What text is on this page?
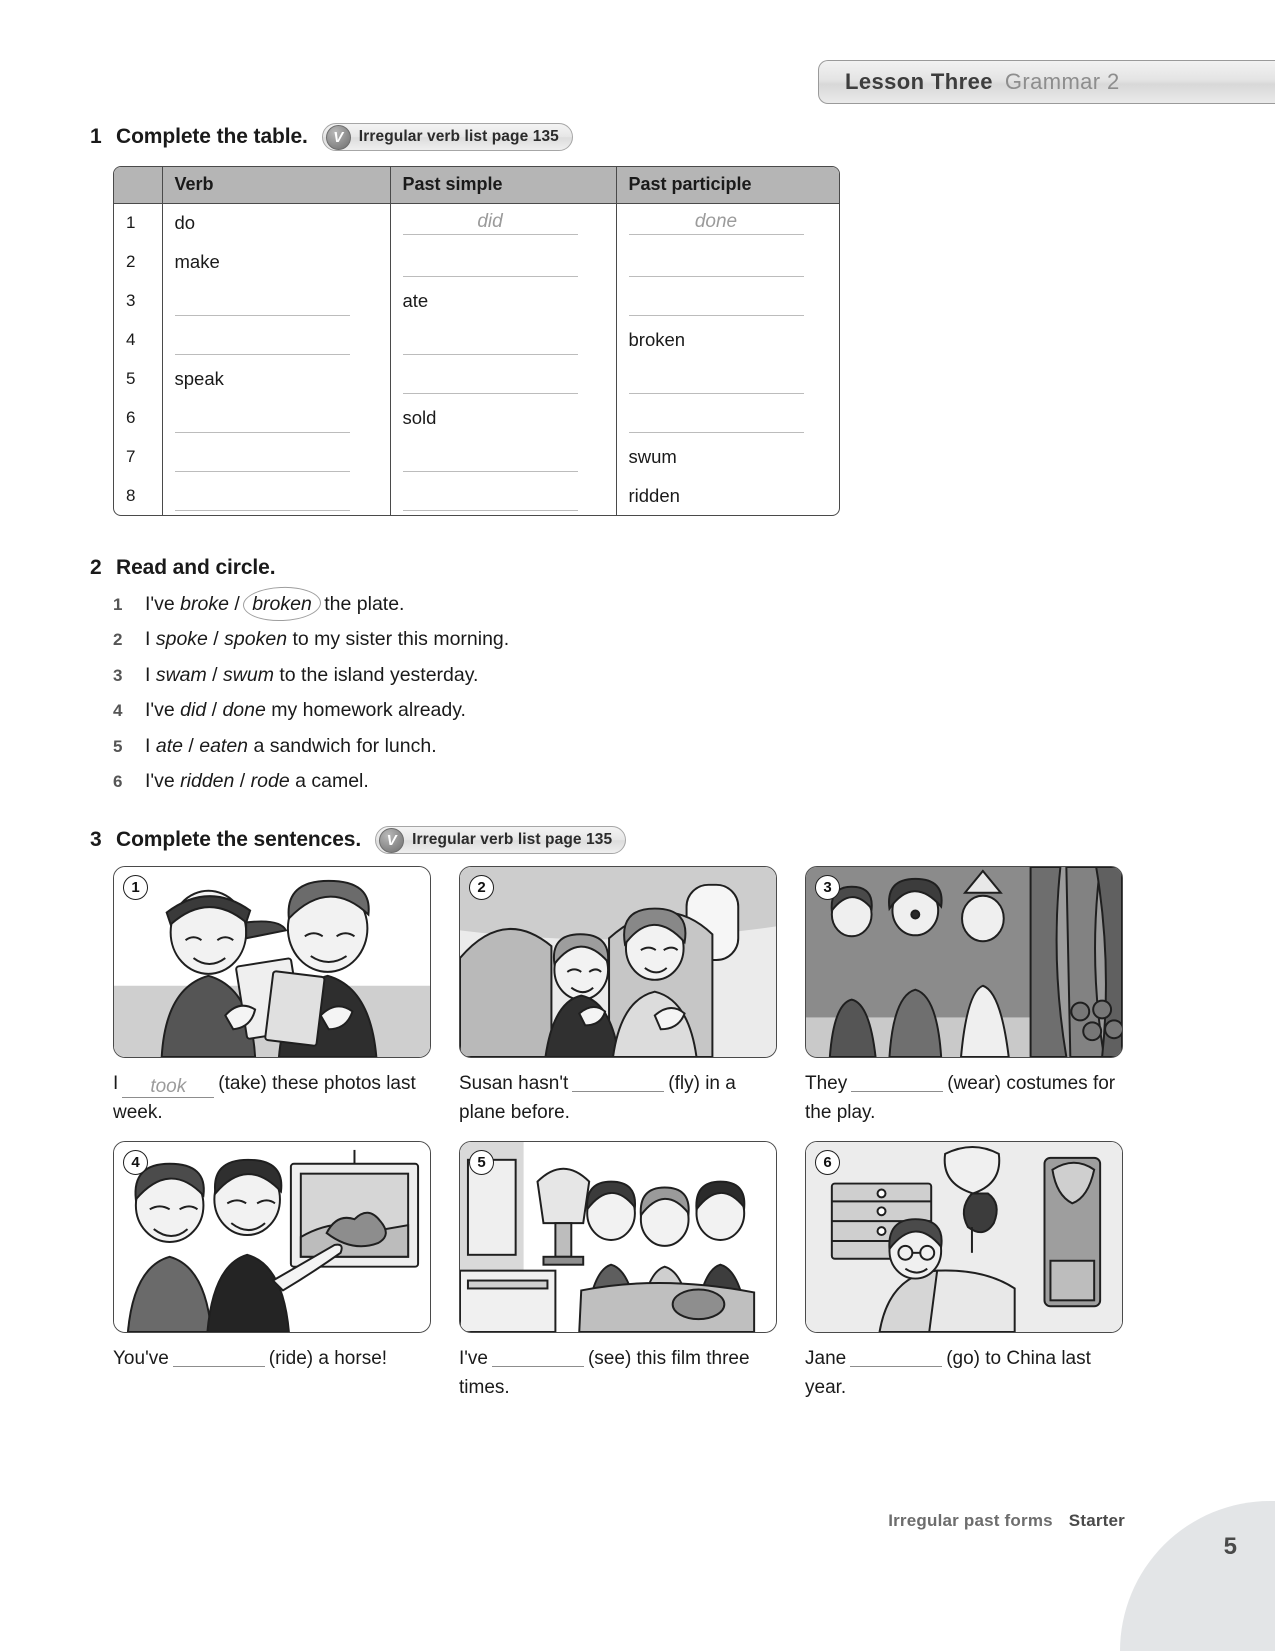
Lesson Three Grammar 2
1 Complete the table.	V	Irregular verb list page 135
	Verb	Past simple	Past participle
1	do	did	done

2	make		

3		ate	

4			broken

5	speak		

6		sold	

7			swum

8			ridden
2 Read and circle.
1	I've broke / broken the plate.
2	I spoke / spoken to my sister this morning.
3	I swam / swum to the island yesterday.
4	I've did / done my homework already.
5	I ate / eaten a sandwich for lunch.
6	I've ridden / rode a camel.
3 Complete the sentences.	V	Irregular verb list page 135
1
I took (take) these photos last week.
2
Susan hasn't	(fly) in a plane before.
3
They	(wear) costumes for the play.
4
You've	(ride) a horse!
5
I've	(see) this film three times.
6
Jane	(go) to China last year.
Irregular past forms Starter
5
